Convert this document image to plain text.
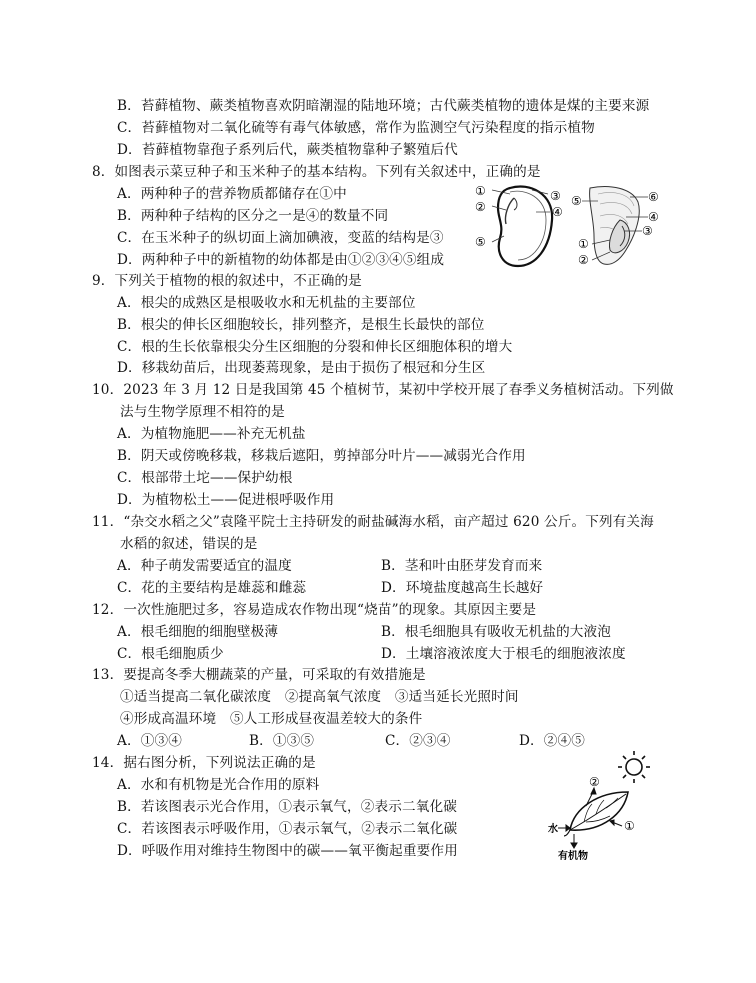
B．苔藓植物、蕨类植物喜欢阴暗潮湿的陆地环境；古代蕨类植物的遗体是煤的主要来源
C．苔藓植物对二氧化硫等有毒气体敏感，常作为监测空气污染程度的指示植物
D．苔藓植物靠孢子系列后代，蕨类植物靠种子繁殖后代
8．如图表示菜豆种子和玉米种子的基本结构。下列有关叙述中，正确的是
A．两种种子的营养物质都储存在①中
B．两种种子结构的区分之一是④的数量不同
C．在玉米种子的纵切面上滴加碘液，变蓝的结构是③
D．两种种子中的新植物的幼体都是由①②③④⑤组成
①
②
③
④
⑤
⑤	⑥
④
③
①
②
9．下列关于植物的根的叙述中，不正确的是
A．根尖的成熟区是根吸收水和无机盐的主要部位
B．根尖的伸长区细胞较长，排列整齐，是根生长最快的部位
C．根的生长依靠根尖分生区细胞的分裂和伸长区细胞体积的增大
D．移栽幼苗后，出现萎蔫现象，是由于损伤了根冠和分生区
10．2023 年 3 月 12 日是我国第 45 个植树节，某初中学校开展了春季义务植树活动。下列做
法与生物学原理不相符的是
A．为植物施肥——补充无机盐
B．阴天或傍晚移栽，移栽后遮阳，剪掉部分叶片——减弱光合作用
C．根部带土坨——保护幼根
D．为植物松土——促进根呼吸作用
11．“杂交水稻之父”袁隆平院士主持研发的耐盐碱海水稻，亩产超过 620 公斤。下列有关海
水稻的叙述，错误的是
A．种子萌发需要适宜的温度	B．茎和叶由胚芽发育而来
C．花的主要结构是雄蕊和雌蕊	D．环境盐度越高生长越好
12．一次性施肥过多，容易造成农作物出现“烧苗”的现象。其原因主要是
A．根毛细胞的细胞壁极薄	B．根毛细胞具有吸收无机盐的大液泡
C．根毛细胞质少	D．土壤溶液浓度大于根毛的细胞液浓度
13．要提高冬季大棚蔬菜的产量，可采取的有效措施是
①适当提高二氧化碳浓度　②提高氧气浓度　③适当延长光照时间
④形成高温环境　⑤人工形成昼夜温差较大的条件
A．①③④	B．①③⑤	C．②③④	D．②④⑤
14．据右图分析，下列说法正确的是
A．水和有机物是光合作用的原料
B．若该图表示光合作用，①表示氧气，②表示二氧化碳
C．若该图表示呼吸作用，①表示氧气，②表示二氧化碳
D．呼吸作用对维持生物图中的碳——氧平衡起重要作用
②
①
水
有机物
